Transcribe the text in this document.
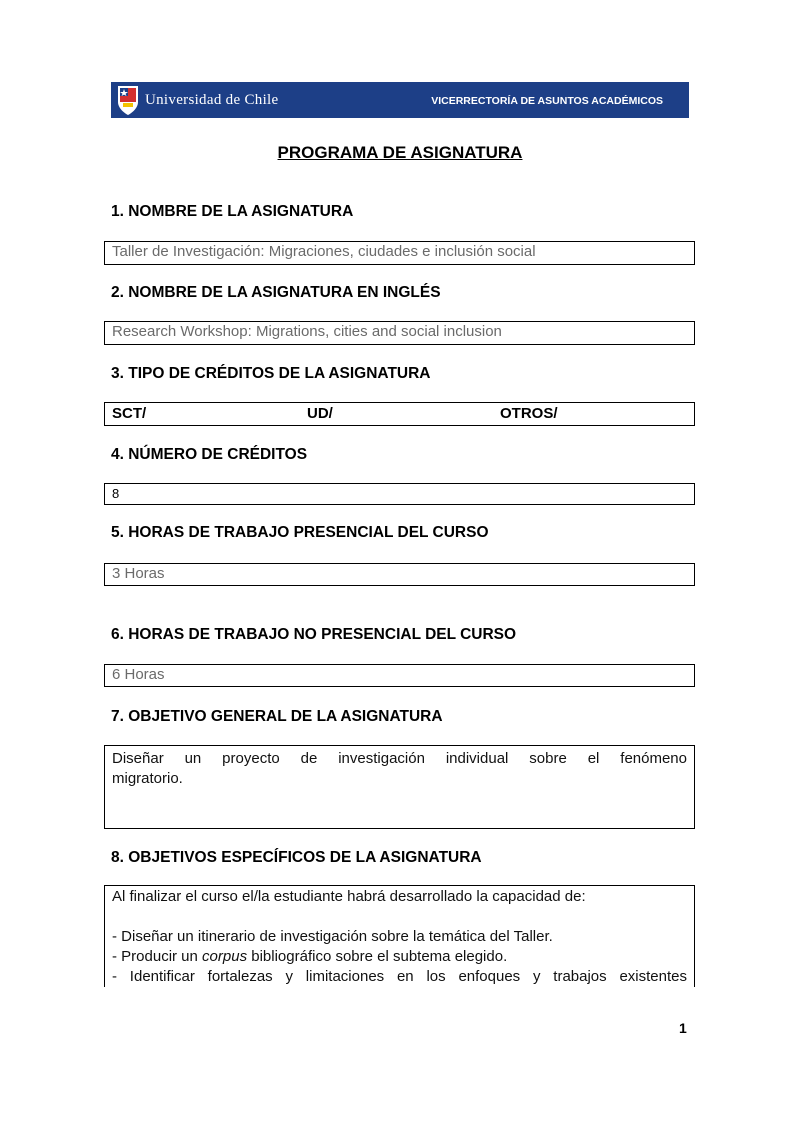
Universidad de Chile	VICERRECTORÍA DE ASUNTOS ACADÉMICOS
PROGRAMA DE ASIGNATURA
1. NOMBRE DE LA ASIGNATURA
Taller de Investigación: Migraciones, ciudades e inclusión social
2. NOMBRE DE LA ASIGNATURA EN INGLÉS
Research Workshop: Migrations, cities and social inclusion
3. TIPO DE CRÉDITOS DE LA ASIGNATURA
SCT/	UD/	OTROS/
4. NÚMERO DE CRÉDITOS
8
5. HORAS DE TRABAJO PRESENCIAL DEL CURSO
3 Horas
6. HORAS DE TRABAJO NO PRESENCIAL DEL CURSO
6 Horas
7. OBJETIVO GENERAL DE LA ASIGNATURA
Diseñar un proyecto de investigación individual sobre el fenómeno
migratorio.
8. OBJETIVOS ESPECÍFICOS DE LA ASIGNATURA
Al finalizar el curso el/la estudiante habrá desarrollado la capacidad de:
- Diseñar un itinerario de investigación sobre la temática del Taller.
- Producir un corpus bibliográfico sobre el subtema elegido.
- Identificar fortalezas y limitaciones en los enfoques y trabajos existentes
1
